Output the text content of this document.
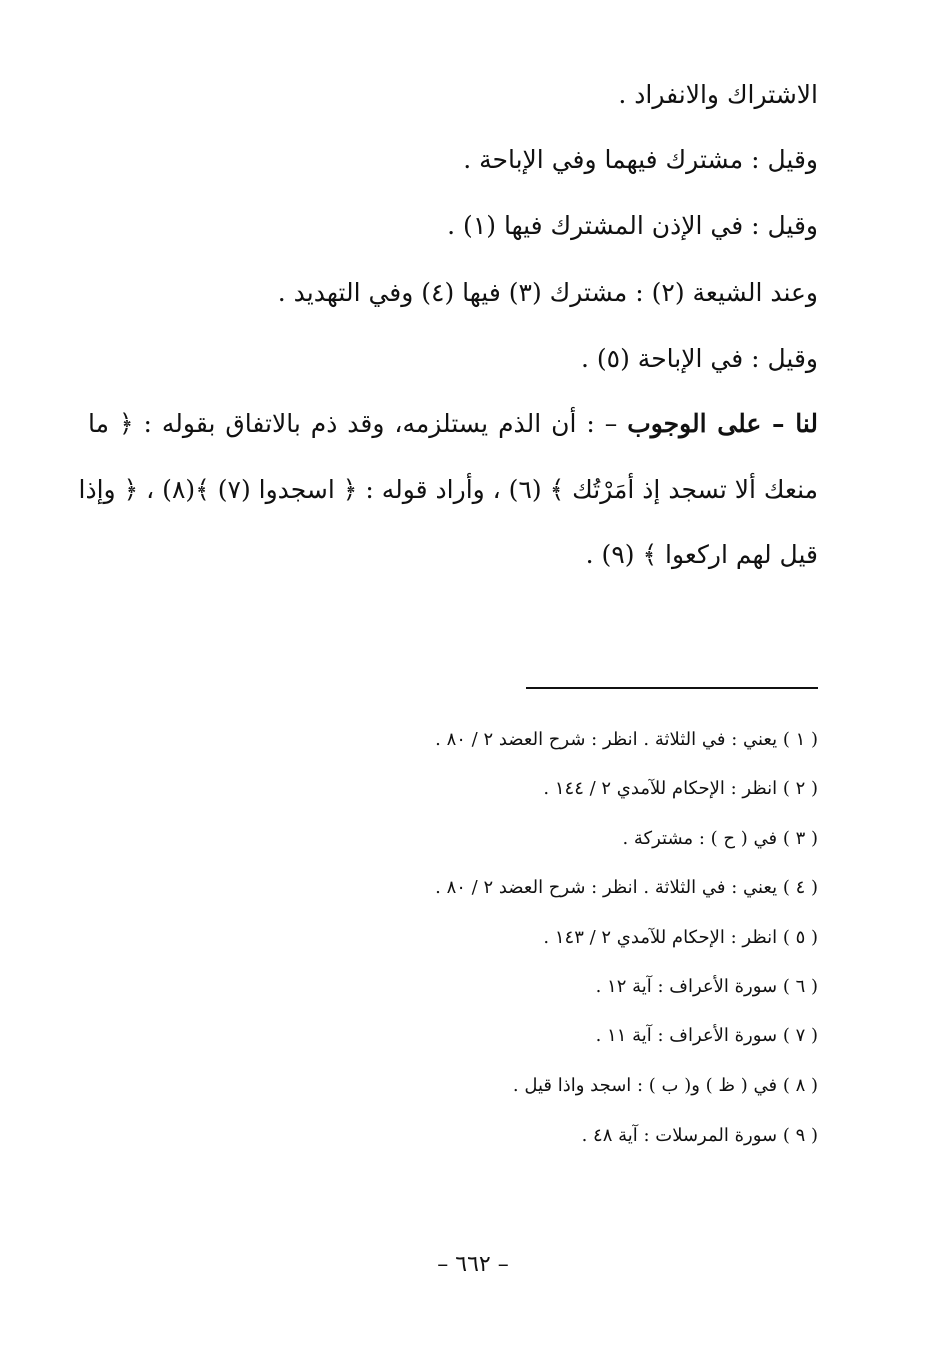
الاشتراك والانفراد .
وقيل : مشترك فيهما وفي الإباحة .
وقيل : في الإذن المشترك فيها (١) .
وعند الشيعة (٢) : مشترك (٣) فيها (٤) وفي التهديد .
وقيل : في الإباحة (٥) .
لنا – على الوجوب – : أن الذم يستلزمه، وقد ذم بالاتفاق بقوله : ﴿ ما
منعك ألا تسجد إذ أمَرْتُك ﴾ (٦) ، وأراد قوله : ﴿ اسجدوا (٧) ﴾(٨) ، ﴿ وإذا
قيل لهم اركعوا ﴾ (٩) .
( ١ ) يعني : في الثلاثة . انظر : شرح العضد ٢ / ٨٠ .
( ٢ ) انظر : الإحكام للآمدي ٢ / ١٤٤ .
( ٣ ) في ( ح ) : مشتركة .
( ٤ ) يعني : في الثلاثة . انظر : شرح العضد ٢ / ٨٠ .
( ٥ ) انظر : الإحكام للآمدي ٢ / ١٤٣ .
( ٦ ) سورة الأعراف : آية ١٢ .
( ٧ ) سورة الأعراف : آية ١١ .
( ٨ ) في ( ظ ) و( ب ) : اسجد واذا قيل .
( ٩ ) سورة المرسلات : آية ٤٨ .
– ٦٦٢ –
